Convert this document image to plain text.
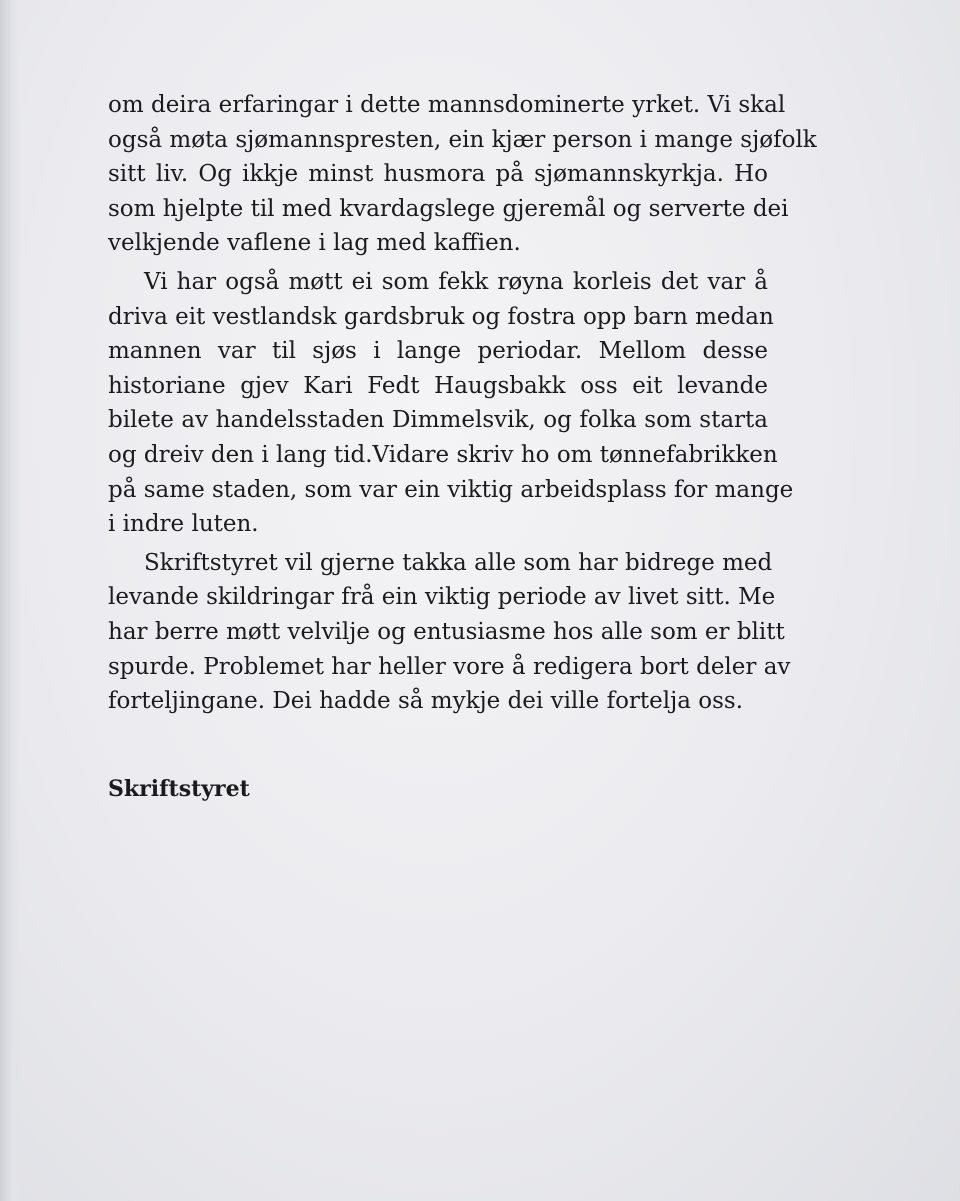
om deira erfaringar i dette mannsdominerte yrket. Vi skal
også møta sjømannspresten, ein kjær person i mange sjøfolk
sitt liv. Og ikkje minst husmora på sjømannskyrkja. Ho
som hjelpte til med kvardagslege gjeremål og serverte dei
velkjende vaflene i lag med kaffien.
Vi har også møtt ei som fekk røyna korleis det var å
driva eit vestlandsk gardsbruk og fostra opp barn medan
mannen var til sjøs i lange periodar. Mellom desse
historiane gjev Kari Fedt Haugsbakk oss eit levande
bilete av handelsstaden Dimmelsvik, og folka som starta
og dreiv den i lang tid.Vidare skriv ho om tønnefabrikken
på same staden, som var ein viktig arbeidsplass for mange
i indre luten.
Skriftstyret vil gjerne takka alle som har bidrege med
levande skildringar frå ein viktig periode av livet sitt. Me
har berre møtt velvilje og entusiasme hos alle som er blitt
spurde. Problemet har heller vore å redigera bort deler av
forteljingane. Dei hadde så mykje dei ville fortelja oss.
Skriftstyret
